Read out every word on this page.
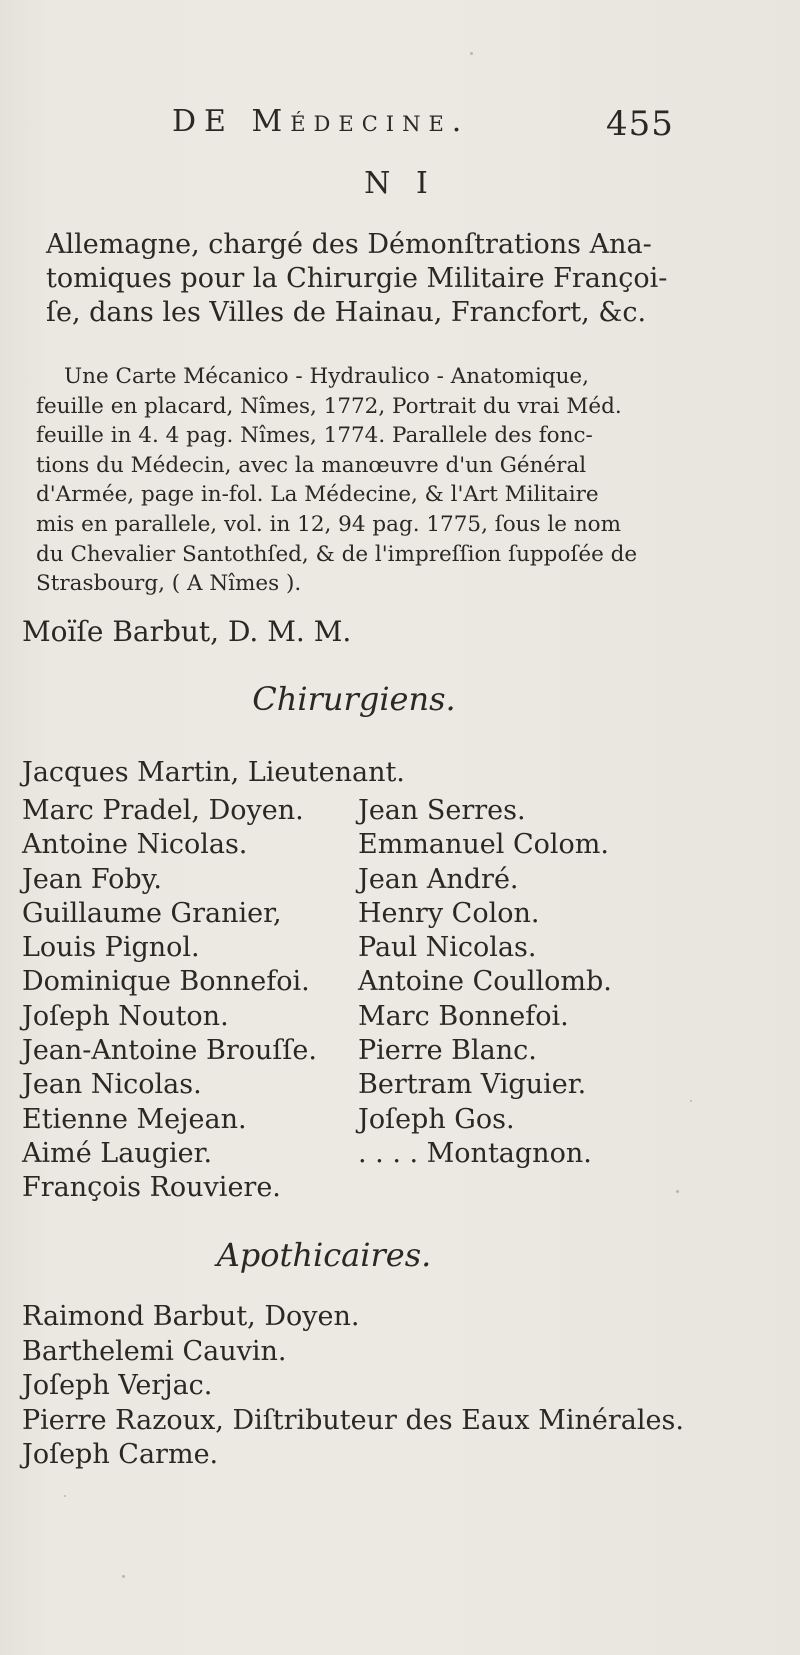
DE Médecine.	455
N I
Allemagne, chargé des Démonſtrations Ana-
tomiques pour la Chirurgie Militaire Françoi-
ſe, dans les Villes de Hainau, Francfort, &c.
Une Carte Mécanico - Hydraulico - Anatomique,
feuille en placard, Nîmes, 1772, Portrait du vrai Méd.
feuille in 4. 4 pag. Nîmes, 1774. Parallele des fonc-
tions du Médecin, avec la manœuvre d'un Général
d'Armée, page in-fol. La Médecine, & l'Art Militaire
mis en parallele, vol. in 12, 94 pag. 1775, ſous le nom
du Chevalier Santothſed, & de l'impreſſion ſuppoſée de
Strasbourg, ( A Nîmes ).
Moïſe Barbut, D. M. M.
Chirurgiens.
Jacques Martin, Lieutenant.
Marc Pradel, Doyen.
Antoine Nicolas.
Jean Foby.
Guillaume Granier,
Louis Pignol.
Dominique Bonnefoi.
Joſeph Nouton.
Jean-Antoine Brouſſe.
Jean Nicolas.
Etienne Mejean.
Aimé Laugier.
François Rouviere.
Jean Serres.
Emmanuel Colom.
Jean André.
Henry Colon.
Paul Nicolas.
Antoine Coullomb.
Marc Bonnefoi.
Pierre Blanc.
Bertram Viguier.
Joſeph Gos.
. . . . Montagnon.
Apothicaires.
Raimond Barbut, Doyen.
Barthelemi Cauvin.
Joſeph Verjac.
Pierre Razoux, Diſtributeur des Eaux Minérales.
Joſeph Carme.
